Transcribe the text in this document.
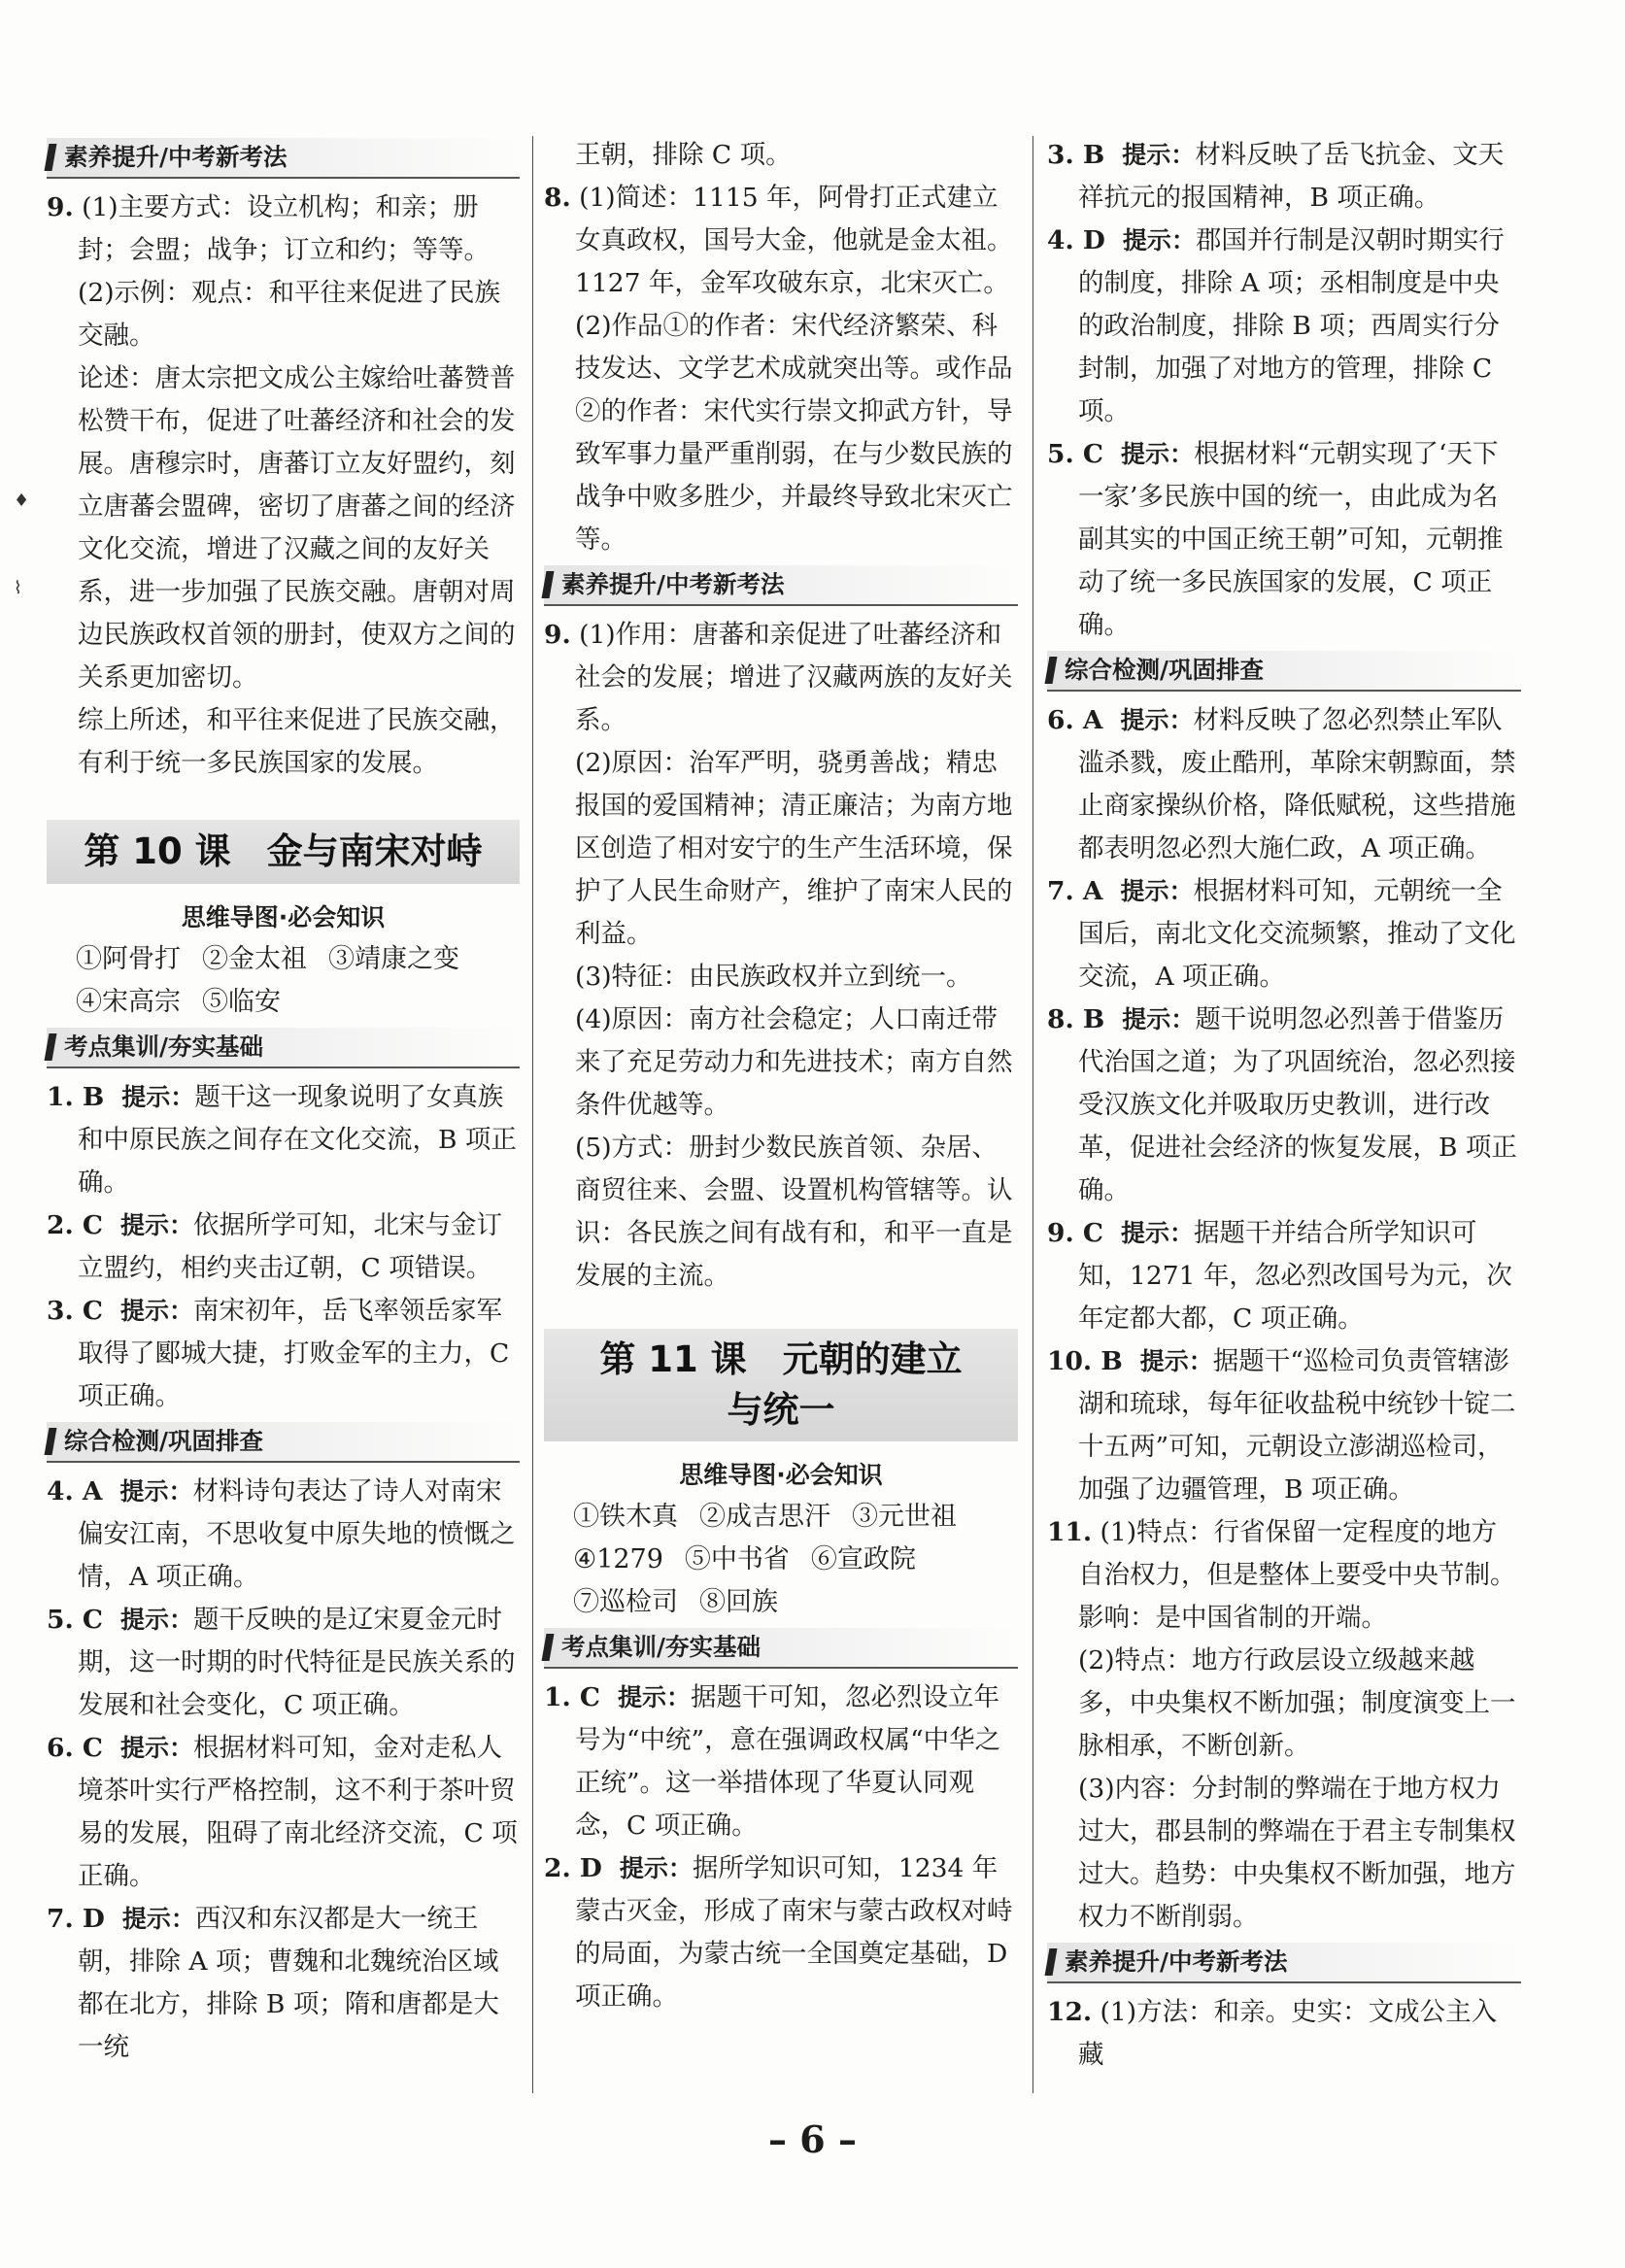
♦
⌇
素养提升/中考新考法
9. (1)主要方式：设立机构；和亲；册封；会盟；战争；订立和约；等等。
(2)示例：观点：和平往来促进了民族交融。
论述：唐太宗把文成公主嫁给吐蕃赞普松赞干布，促进了吐蕃经济和社会的发展。唐穆宗时，唐蕃订立友好盟约，刻立唐蕃会盟碑，密切了唐蕃之间的经济文化交流，增进了汉藏之间的友好关系，进一步加强了民族交融。唐朝对周边民族政权首领的册封，使双方之间的关系更加密切。
综上所述，和平往来促进了民族交融，有利于统一多民族国家的发展。
第 10 课　金与南宋对峙
思维导图·必会知识
①阿骨打 ②金太祖 ③靖康之变
④宋高宗 ⑤临安
考点集训/夯实基础
1. B 提示：题干这一现象说明了女真族和中原民族之间存在文化交流，B 项正确。
2. C 提示：依据所学可知，北宋与金订立盟约，相约夹击辽朝，C 项错误。
3. C 提示：南宋初年，岳飞率领岳家军取得了郾城大捷，打败金军的主力，C项正确。
综合检测/巩固排查
4. A 提示：材料诗句表达了诗人对南宋偏安江南，不思收复中原失地的愤慨之情，A 项正确。
5. C 提示：题干反映的是辽宋夏金元时期，这一时期的时代特征是民族关系的发展和社会变化，C 项正确。
6. C 提示：根据材料可知，金对走私人境茶叶实行严格控制，这不利于茶叶贸易的发展，阻碍了南北经济交流，C 项正确。
7. D 提示：西汉和东汉都是大一统王朝，排除 A 项；曹魏和北魏统治区域都在北方，排除 B 项；隋和唐都是大一统
王朝，排除 C 项。
8. (1)简述：1115 年，阿骨打正式建立女真政权，国号大金，他就是金太祖。1127 年，金军攻破东京，北宋灭亡。
(2)作品①的作者：宋代经济繁荣、科技发达、文学艺术成就突出等。或作品②的作者：宋代实行崇文抑武方针，导致军事力量严重削弱，在与少数民族的战争中败多胜少，并最终导致北宋灭亡等。
素养提升/中考新考法
9. (1)作用：唐蕃和亲促进了吐蕃经济和社会的发展；增进了汉藏两族的友好关系。
(2)原因：治军严明，骁勇善战；精忠报国的爱国精神；清正廉洁；为南方地区创造了相对安宁的生产生活环境，保护了人民生命财产，维护了南宋人民的利益。
(3)特征：由民族政权并立到统一。
(4)原因：南方社会稳定；人口南迁带来了充足劳动力和先进技术；南方自然条件优越等。
(5)方式：册封少数民族首领、杂居、商贸往来、会盟、设置机构管辖等。认识：各民族之间有战有和，和平一直是发展的主流。
第 11 课　元朝的建立
与统一
思维导图·必会知识
①铁木真 ②成吉思汗 ③元世祖
④1279 ⑤中书省 ⑥宣政院
⑦巡检司 ⑧回族
考点集训/夯实基础
1. C 提示：据题干可知，忽必烈设立年号为“中统”，意在强调政权属“中华之正统”。这一举措体现了华夏认同观念，C 项正确。
2. D 提示：据所学知识可知，1234 年蒙古灭金，形成了南宋与蒙古政权对峙的局面，为蒙古统一全国奠定基础，D 项正确。
3. B 提示：材料反映了岳飞抗金、文天祥抗元的报国精神，B 项正确。
4. D 提示：郡国并行制是汉朝时期实行的制度，排除 A 项；丞相制度是中央的政治制度，排除 B 项；西周实行分封制，加强了对地方的管理，排除 C 项。
5. C 提示：根据材料“元朝实现了‘天下一家’多民族中国的统一，由此成为名副其实的中国正统王朝”可知，元朝推动了统一多民族国家的发展，C 项正确。
综合检测/巩固排查
6. A 提示：材料反映了忽必烈禁止军队滥杀戮，废止酷刑，革除宋朝黥面，禁止商家操纵价格，降低赋税，这些措施都表明忽必烈大施仁政，A 项正确。
7. A 提示：根据材料可知，元朝统一全国后，南北文化交流频繁，推动了文化交流，A 项正确。
8. B 提示：题干说明忽必烈善于借鉴历代治国之道；为了巩固统治，忽必烈接受汉族文化并吸取历史教训，进行改革，促进社会经济的恢复发展，B 项正确。
9. C 提示：据题干并结合所学知识可知，1271 年，忽必烈改国号为元，次年定都大都，C 项正确。
10. B 提示：据题干“巡检司负责管辖澎湖和琉球，每年征收盐税中统钞十锭二十五两”可知，元朝设立澎湖巡检司，加强了边疆管理，B 项正确。
11. (1)特点：行省保留一定程度的地方自治权力，但是整体上要受中央节制。影响：是中国省制的开端。
(2)特点：地方行政层设立级越来越多，中央集权不断加强；制度演变上一脉相承，不断创新。
(3)内容：分封制的弊端在于地方权力过大，郡县制的弊端在于君主专制集权过大。趋势：中央集权不断加强，地方权力不断削弱。
素养提升/中考新考法
12. (1)方法：和亲。史实：文成公主入藏
– 6 –
